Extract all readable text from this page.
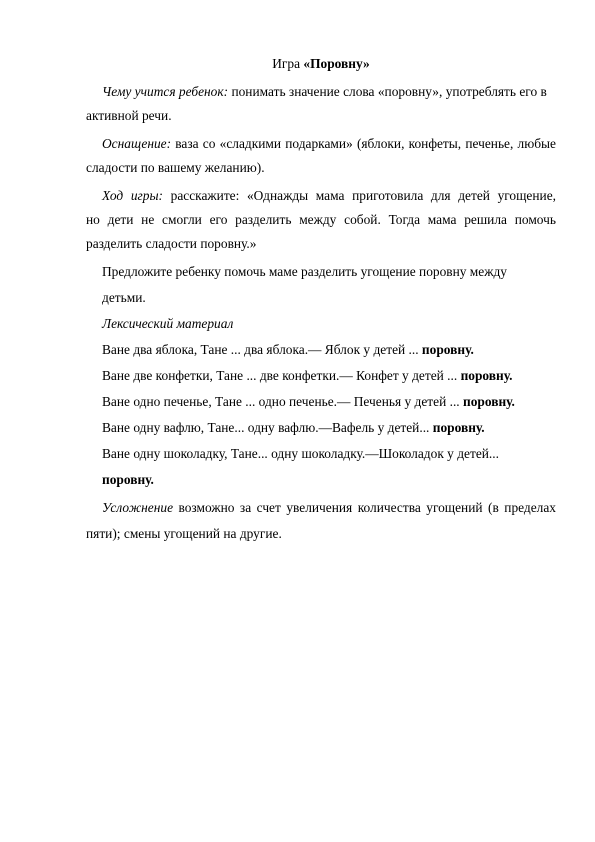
Игра «Поровну»
Чему учится ребенок: понимать значение слова «поровну», употреблять его в
активной речи.
Оснащение: ваза со «сладкими подарками» (яблоки, конфеты, печенье, любые
сладости по вашему желанию).
Ход игры: расскажите: «Однажды мама приготовила для детей угощение,
но дети не смогли его разделить между собой. Тогда мама решила помочь
разделить сладости поровну.»
Предложите ребенку помочь маме разделить угощение поровну между
детьми.
Лексический материал
Ване два яблока, Тане ... два яблока.— Яблок у детей ... поровну.
Ване две конфетки, Тане ... две конфетки.— Конфет у детей ... поровну.
Ване одно печенье, Тане ... одно печенье.— Печенья у детей ... поровну.
Ване одну вафлю, Тане... одну вафлю.—Вафель у детей... поровну.
Ване одну шоколадку, Тане... одну шоколадку.—Шоколадок у детей...
поровну.
Усложнение возможно за счет увеличения количества угощений (в пределах
пяти); смены угощений на другие.
